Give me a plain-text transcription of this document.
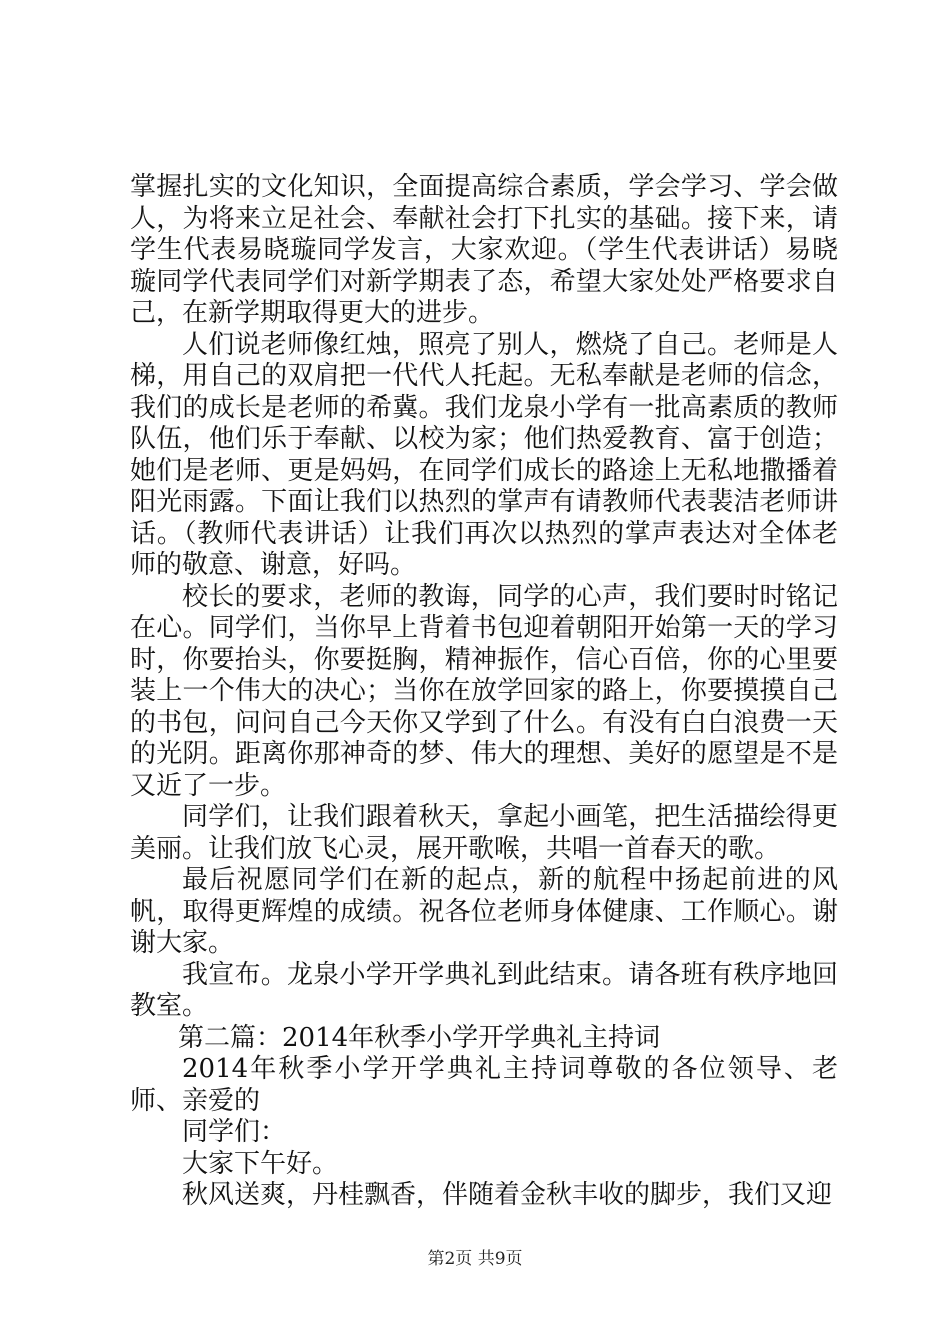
掌握扎实的文化知识，全面提高综合素质，学会学习、学会做人，为将来立足社会、奉献社会打下扎实的基础。接下来，请学生代表易晓璇同学发言，大家欢迎。（学生代表讲话）易晓璇同学代表同学们对新学期表了态，希望大家处处严格要求自己，在新学期取得更大的进步。

人们说老师像红烛，照亮了别人，燃烧了自己。老师是人梯，用自己的双肩把一代代人托起。无私奉献是老师的信念，我们的成长是老师的希冀。我们龙泉小学有一批高素质的教师队伍，他们乐于奉献、以校为家；他们热爱教育、富于创造；她们是老师、更是妈妈，在同学们成长的路途上无私地撒播着阳光雨露。下面让我们以热烈的掌声有请教师代表裴洁老师讲话。（教师代表讲话）让我们再次以热烈的掌声表达对全体老师的敬意、谢意，好吗。

校长的要求，老师的教诲，同学的心声，我们要时时铭记在心。同学们，当你早上背着书包迎着朝阳开始第一天的学习时，你要抬头，你要挺胸，精神振作，信心百倍，你的心里要装上一个伟大的决心；当你在放学回家的路上，你要摸摸自己的书包，问问自己今天你又学到了什么。有没有白白浪费一天的光阴。距离你那神奇的梦、伟大的理想、美好的愿望是不是又近了一步。

同学们，让我们跟着秋天，拿起小画笔，把生活描绘得更美丽。让我们放飞心灵，展开歌喉，共唱一首春天的歌。

最后祝愿同学们在新的起点，新的航程中扬起前进的风帆，取得更辉煌的成绩。祝各位老师身体健康、工作顺心。谢谢大家。

我宣布。龙泉小学开学典礼到此结束。请各班有秩序地回教室。

第二篇：2014年秋季小学开学典礼主持词

2014年秋季小学开学典礼主持词尊敬的各位领导、老师、亲爱的

同学们：

大家下午好。

秋风送爽，丹桂飘香，伴随着金秋丰收的脚步，我们又迎

第2页 共9页
